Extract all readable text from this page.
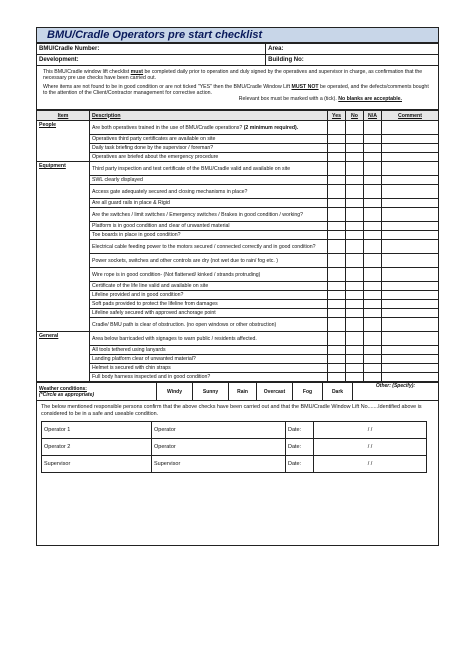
BMU/Cradle Operators pre start checklist
BMU/Cradle Number:	Area:
Development:	Building No:
This BMU/Cradle window lift checklist must be completed daily prior to operation and duly signed by the operatives and supervisor in charge, as confirmation that the necessary pre use checks have been carried out.
Where items are not found to be in good condition or are not ticked "YES" then the BMU/Cradle Window Lift MUST NOT be operated, and the defects/comments bought to the attention of the Client/Contractor management for corrective action.
Relevant box must be marked with a (tick). No blanks are acceptable.
Item	Description	Yes	No	N/A	Comment
People	Are both operatives trained in the use of BMU/Cradle operations? (2 minimum required).				
	Operatives third party certificates are available on site				
	Daily task briefing done by the supervisor / foreman?				
	Operatives are briefed about the emergency procedure				
Equipment	Third party inspection and test certificate of the BMU/Cradle valid and available on site				
	SWL clearly displayed				
	Access gate adequately secured and closing mechanisms in place?				
	Are all guard rails in place & Rigid				
	Are the switches / limit switches / Emergency switches / Brakes in good condition / working?				
	Platform is in good condition and clear of unwanted material				
	Toe boards in place in good condition?				
	Electrical cable feeding power to the motors secured / connected correctly and in good condition?				
	Power sockets, switches and other controls are dry (not wet due to rain/ fog etc. )				
	Wire rope is in good condition- (Not flattened/ kinked / strands protruding)				
	Certificate of the life line valid and available on site				
	Lifeline provided and in good condition?				
	Soft pads provided to protect the lifeline from damages				
	Lifeline safely secured with approved anchorage point				
	Cradle/ BMU path is clear of obstruction. (no open windows or other obstruction)				
General	Area below barricaded with signages to warn public / residents affected.				
	All tools tethered using lanyards				
	Landing platform clear of unwanted material?				
	Helmet is secured with chin straps				
	Full body harness inspected and in good condition?				
Weather conditions:
(*Circle as appropriate)	Windy	Sunny	Rain	Overcast	Fog	Dark	Other: (Specify):
The below mentioned responsible persons confirm that the above checks have been carried out and that the BMU/Cradle Window Lift No.......Identified above is considered to be in a safe and useable condition.
Operator 1	Operator	Date:	/ /
Operator 2	Operator	Date:	/ /
Supervisor	Supervisor	Date:	/ /
